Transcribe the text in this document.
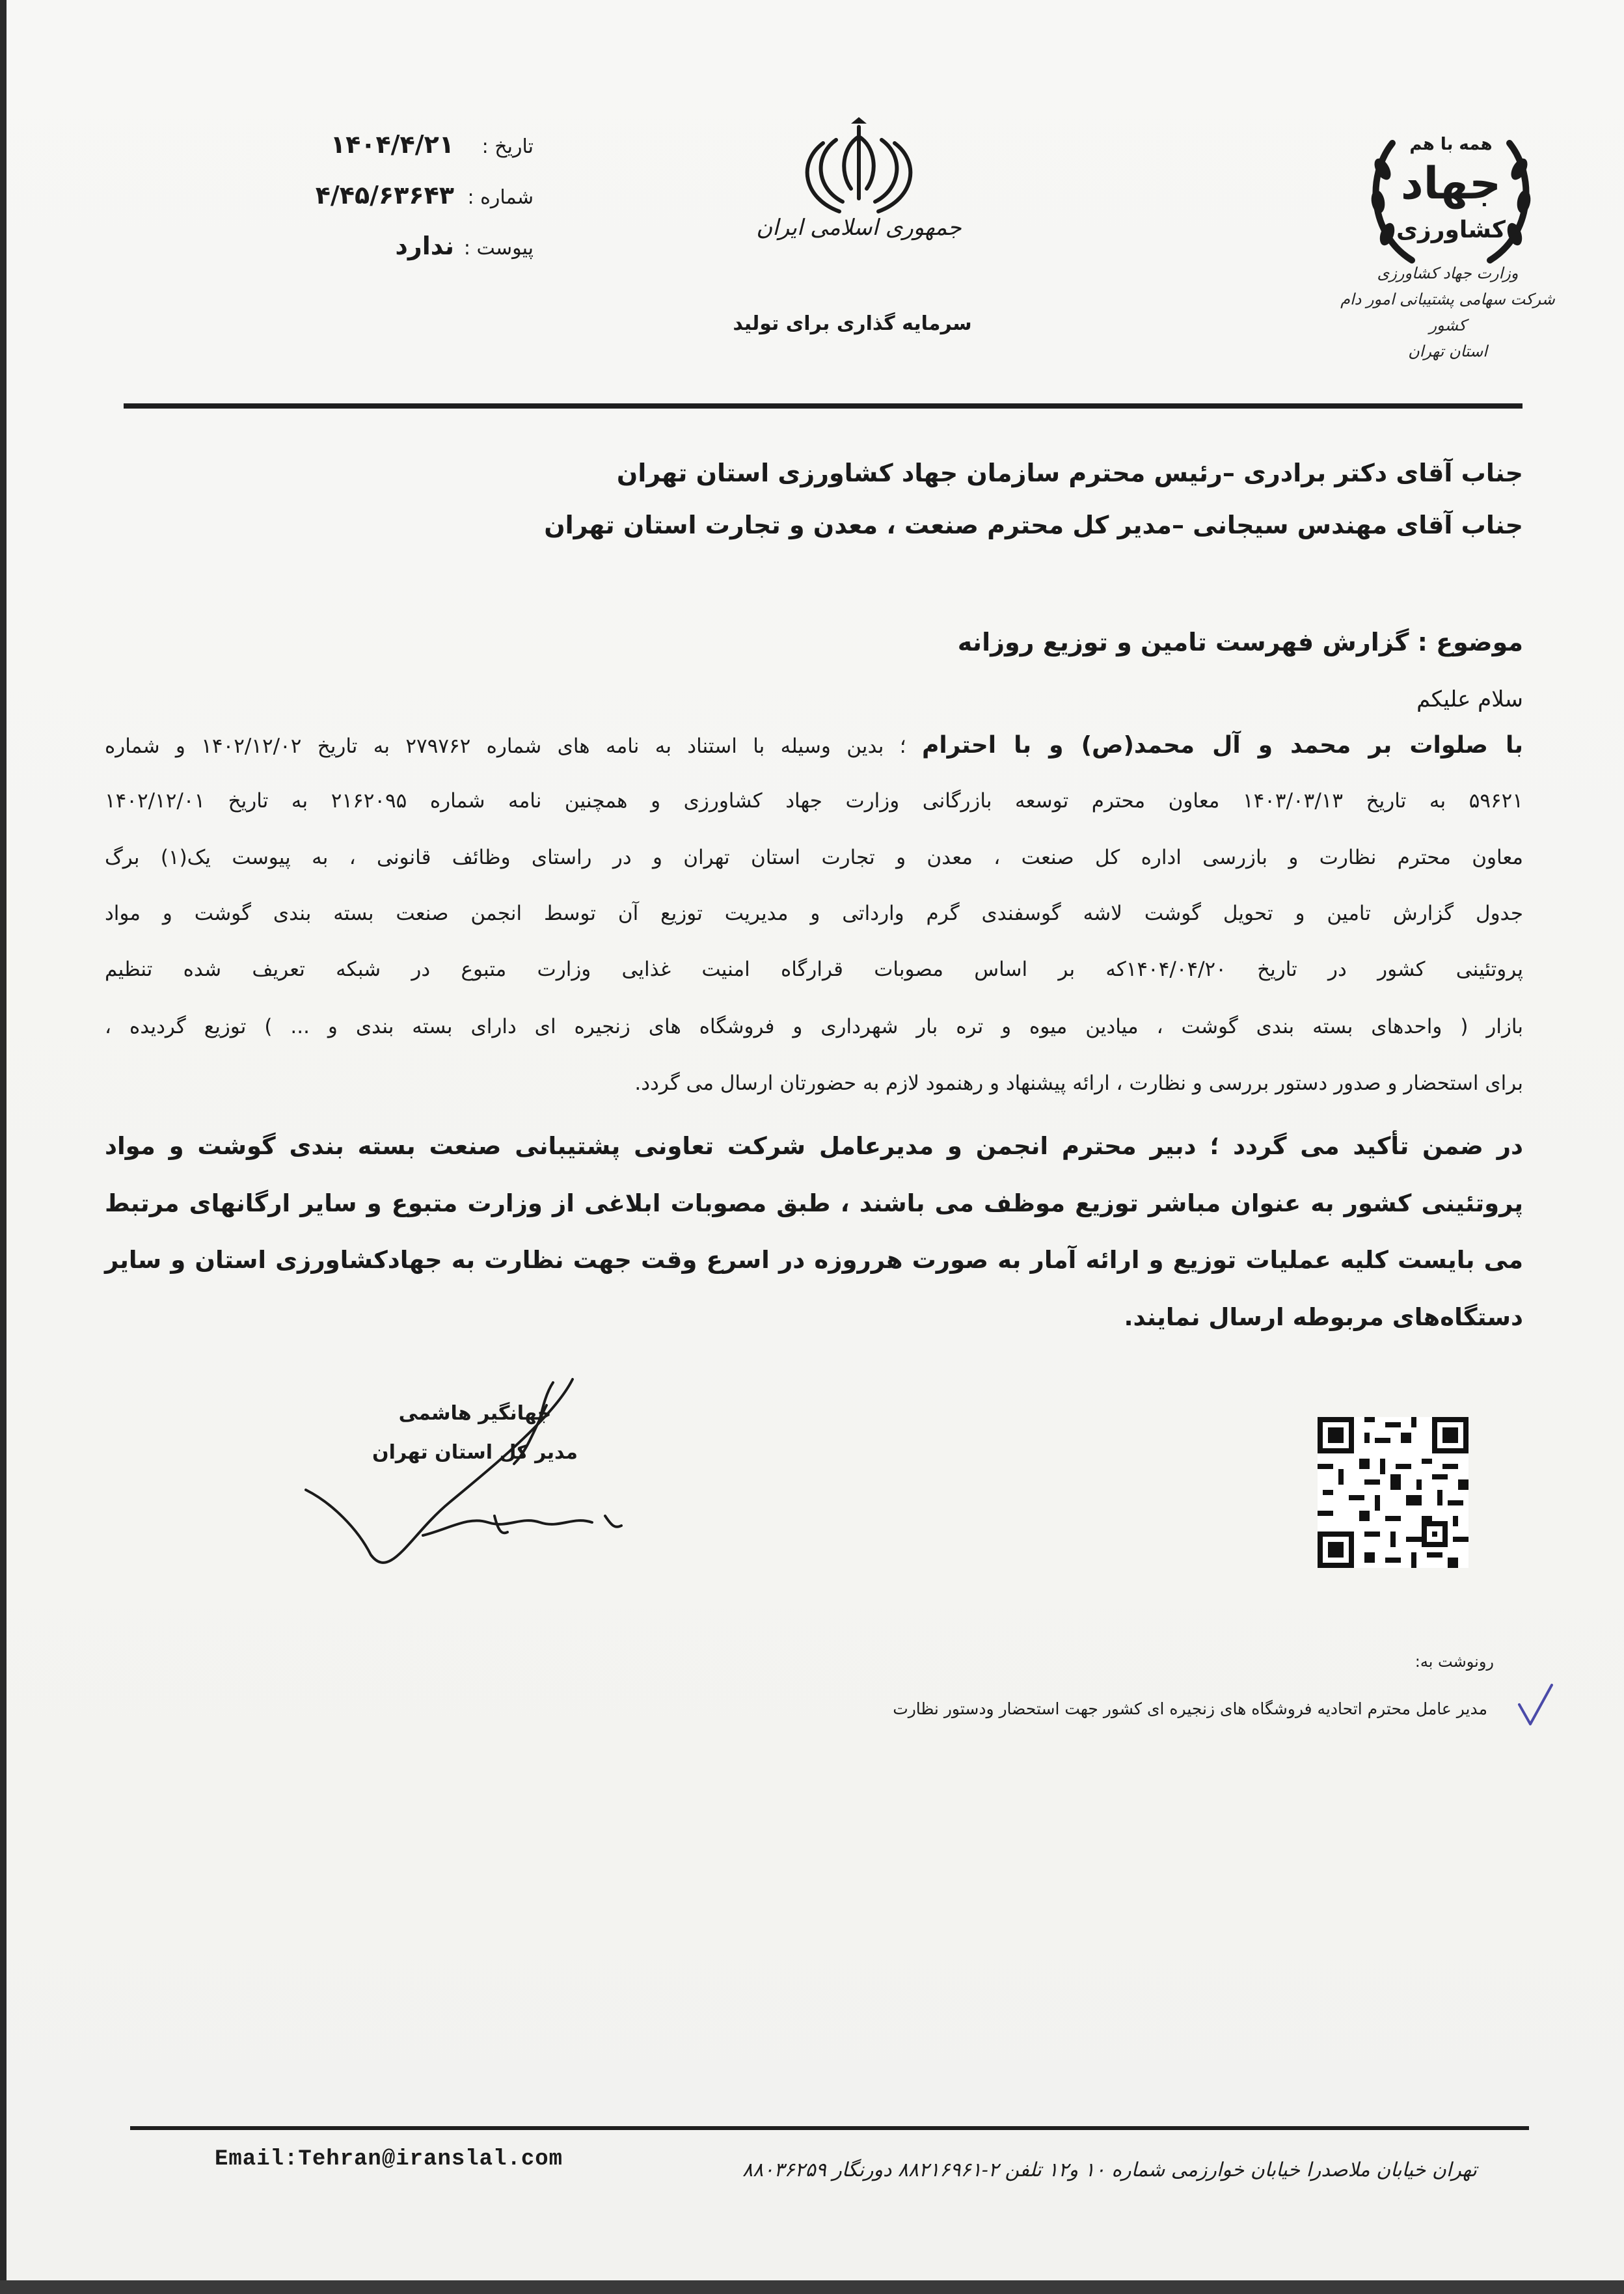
تاریخ :
۱۴۰۴/۴/۲۱
شماره :
۴/۴۵/۶۳۶۴۳
پیوست :
ندارد
جمهوری اسلامی ایران
سرمایه گذاری برای تولید
همه با هم
جهاد
کشاورزی
وزارت جهاد کشاورزی
شرکت سهامی پشتیبانی امور دام کشور
استان تهران
جناب آقای دکتر برادری –رئیس محترم سازمان جهاد کشاورزی استان تهران
جناب آقای مهندس سیجانی –مدیر کل محترم صنعت ، معدن و تجارت استان تهران
موضوع : گزارش فهرست تامین و توزیع روزانه
سلام علیکم
با صلوات بر محمد و آل محمد(ص) و با احترام ؛ بدین وسیله با استناد به نامه های شماره ۲۷۹۷۶۲ به تاریخ ۱۴۰۲/۱۲/۰۲ و شماره
۵۹۶۲۱ به تاریخ ۱۴۰۳/۰۳/۱۳ معاون محترم توسعه بازرگانی وزارت جهاد کشاورزی و همچنین نامه شماره ۲۱۶۲۰۹۵ به تاریخ ۱۴۰۲/۱۲/۰۱
معاون محترم نظارت و بازرسی اداره کل صنعت ، معدن و تجارت استان تهران و در راستای وظائف قانونی ، به پیوست یک(۱) برگ
جدول گزارش تامین و تحویل گوشت لاشه گوسفندی گرم وارداتی و مدیریت توزیع آن توسط انجمن صنعت بسته بندی گوشت و مواد
پروتئینی کشور در تاریخ ۱۴۰۴/۰۴/۲۰که بر اساس مصوبات قرارگاه امنیت غذایی وزارت متبوع در شبکه تعریف شده تنظیم
بازار ( واحدهای بسته بندی گوشت ، میادین میوه و تره بار شهرداری و فروشگاه های زنجیره ای دارای بسته بندی و ... ) توزیع گردیده ،
برای استحضار و صدور دستور بررسی و نظارت ، ارائه پیشنهاد و رهنمود لازم به حضورتان ارسال می گردد.
در ضمن تأکید می گردد ؛ دبیر محترم انجمن و مدیرعامل شرکت تعاونی پشتیبانی صنعت بسته بندی گوشت و مواد
پروتئینی کشور به عنوان مباشر توزیع موظف می باشند ، طبق مصوبات ابلاغی از وزارت متبوع و سایر ارگانهای مرتبط
می بایست کلیه عملیات توزیع و ارائه آمار به صورت هرروزه در اسرع وقت جهت نظارت به جهادکشاورزی استان و سایر
دستگاه‌های مربوطه ارسال نمایند.
جهانگیر هاشمی
مدیر کل استان تهران
رونوشت به:
مدیر عامل محترم اتحادیه فروشگاه های زنجیره ای کشور جهت استحضار ودستور نظارت
Email:Tehran@iranslal.com	تهران خیابان ملاصدرا خیابان خوارزمی شماره ۱۰ و۱۲ تلفن ۲-۸۸۲۱۶۹۶۱ دورنگار ۸۸۰۳۶۲۵۹
